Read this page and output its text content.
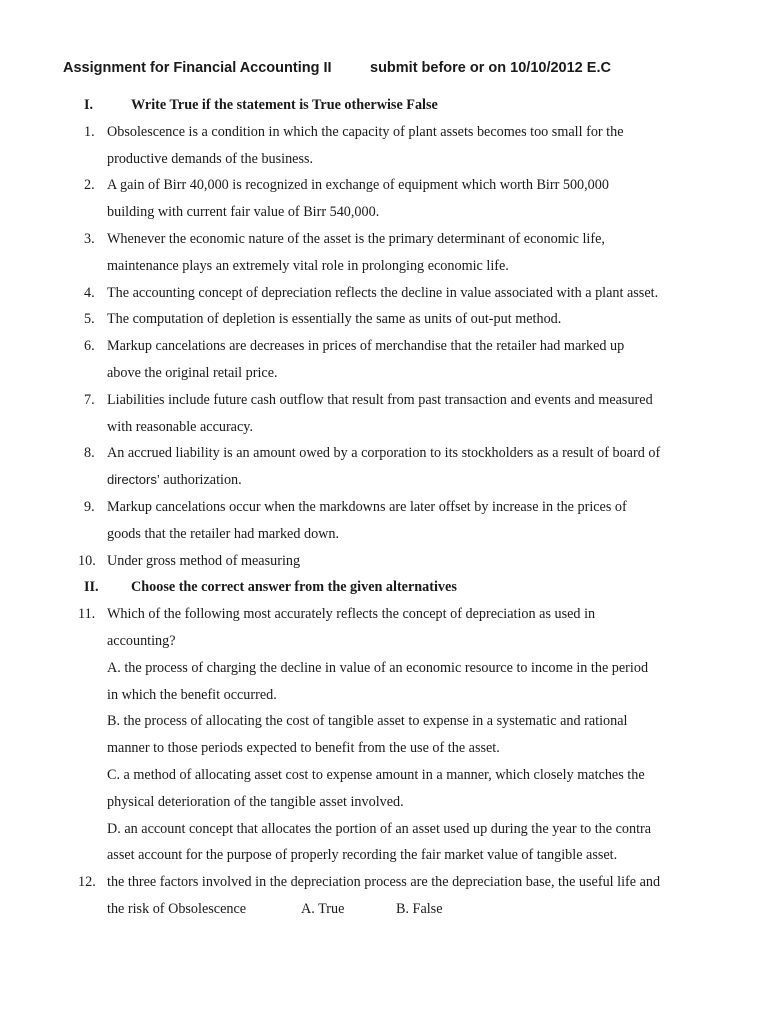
Assignment for Financial Accounting II	submit before or on 10/10/2012 E.C
I.	Write True if the statement is True otherwise False
1. Obsolescence is a condition in which the capacity of plant assets becomes too small for the
productive demands of the business.
2. A gain of Birr 40,000 is recognized in exchange of equipment which worth Birr 500,000
building with current fair value of Birr 540,000.
3. Whenever the economic nature of the asset is the primary determinant of economic life,
maintenance plays an extremely vital role in prolonging economic life.
4. The accounting concept of depreciation reflects the decline in value associated with a plant asset.
5. The computation of depletion is essentially the same as units of out-put method.
6. Markup cancelations are decreases in prices of merchandise that the retailer had marked up
above the original retail price.
7. Liabilities include future cash outflow that result from past transaction and events and measured
with reasonable accuracy.
8. An accrued liability is an amount owed by a corporation to its stockholders as a result of board of
directors’ authorization.
9. Markup cancelations occur when the markdowns are later offset by increase in the prices of
goods that the retailer had marked down.
10. Under gross method of measuring
II. Choose the correct answer from the given alternatives
11. Which of the following most accurately reflects the concept of depreciation as used in
accounting?
A. the process of charging the decline in value of an economic resource to income in the period
in which the benefit occurred.
B. the process of allocating the cost of tangible asset to expense in a systematic and rational
manner to those periods expected to benefit from the use of the asset.
C. a method of allocating asset cost to expense amount in a manner, which closely matches the
physical deterioration of the tangible asset involved.
D. an account concept that allocates the portion of an asset used up during the year to the contra
asset account for the purpose of properly recording the fair market value of tangible asset.
12. the three factors involved in the depreciation process are the depreciation base, the useful life and
the risk of Obsolescence	A. True	B. False
